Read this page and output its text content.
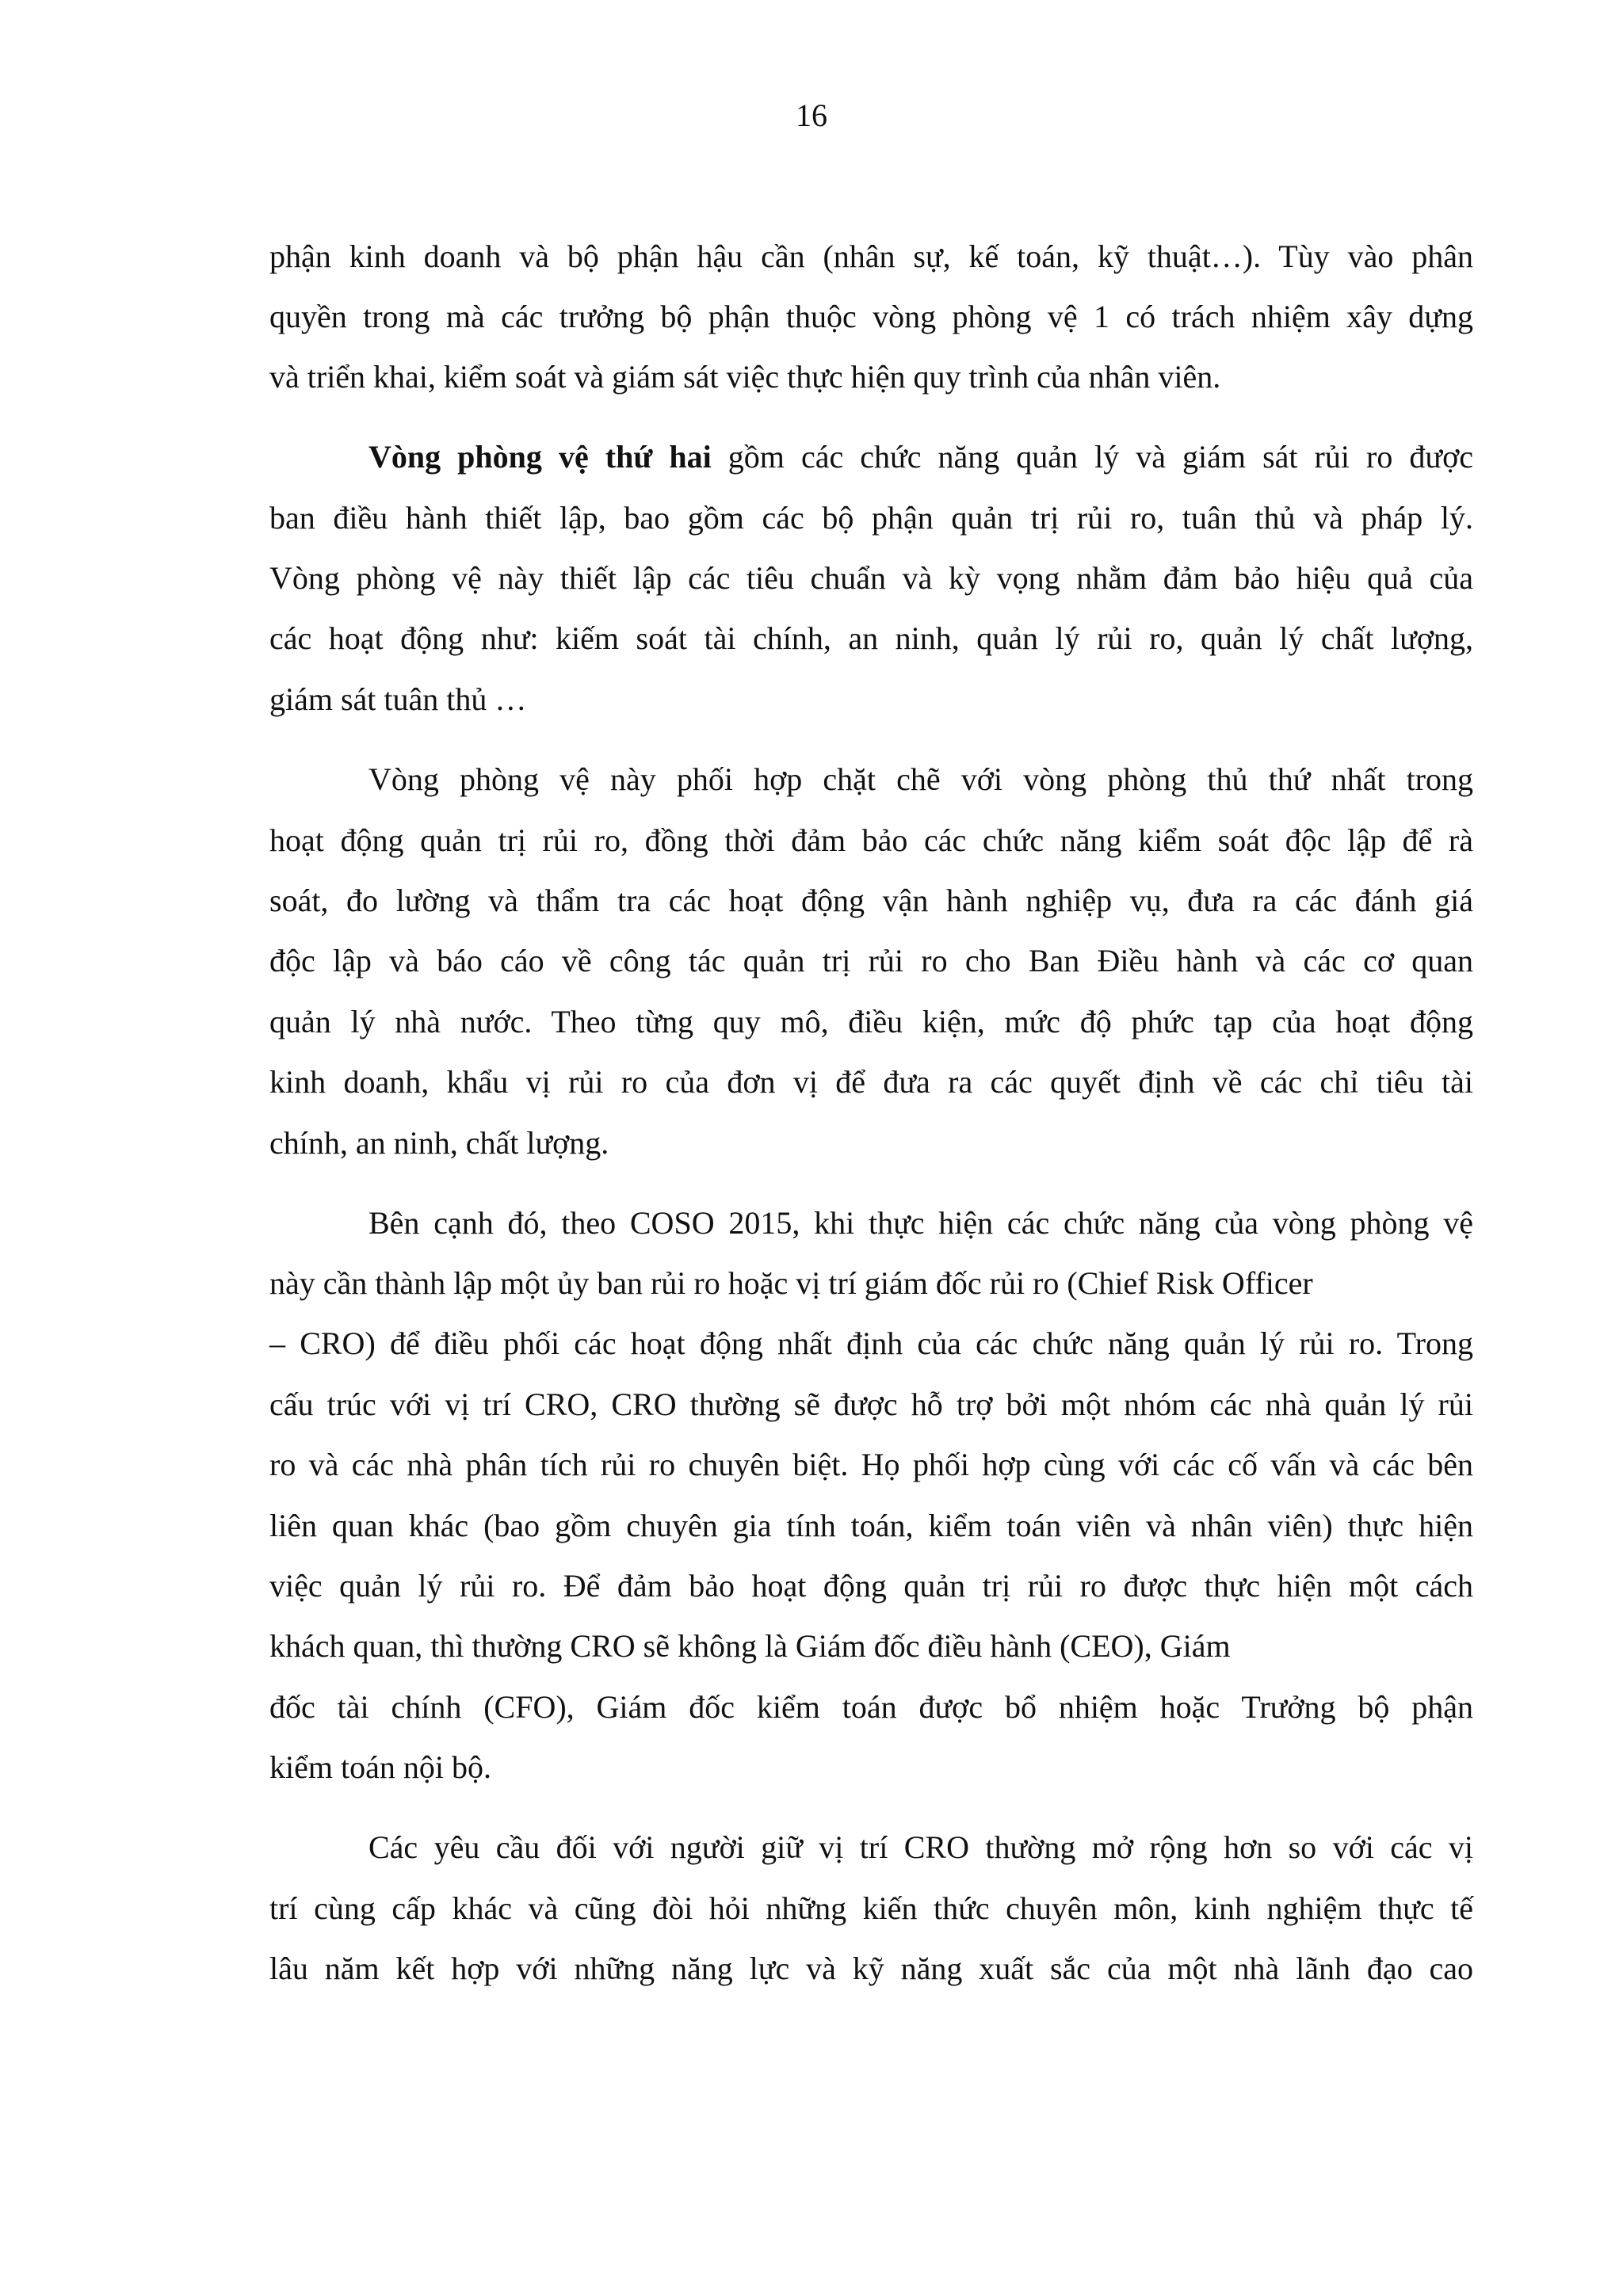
16
phận kinh doanh và bộ phận hậu cần (nhân sự, kế toán, kỹ thuật…). Tùy vào phân
quyền trong mà các trưởng bộ phận thuộc vòng phòng vệ 1 có trách nhiệm xây dựng
và triển khai, kiểm soát và giám sát việc thực hiện quy trình của nhân viên.
Vòng phòng vệ thứ hai gồm các chức năng quản lý và giám sát rủi ro được
ban điều hành thiết lập, bao gồm các bộ phận quản trị rủi ro, tuân thủ và pháp lý.
Vòng phòng vệ này thiết lập các tiêu chuẩn và kỳ vọng nhằm đảm bảo hiệu quả của
các hoạt động như: kiếm soát tài chính, an ninh, quản lý rủi ro, quản lý chất lượng,
giám sát tuân thủ …
Vòng phòng vệ này phối hợp chặt chẽ với vòng phòng thủ thứ nhất trong
hoạt động quản trị rủi ro, đồng thời đảm bảo các chức năng kiểm soát độc lập để rà
soát, đo lường và thẩm tra các hoạt động vận hành nghiệp vụ, đưa ra các đánh giá
độc lập và báo cáo về công tác quản trị rủi ro cho Ban Điều hành và các cơ quan
quản lý nhà nước. Theo từng quy mô, điều kiện, mức độ phức tạp của hoạt động
kinh doanh, khẩu vị rủi ro của đơn vị để đưa ra các quyết định về các chỉ tiêu tài
chính, an ninh, chất lượng.
Bên cạnh đó, theo COSO 2015, khi thực hiện các chức năng của vòng phòng vệ
này cần thành lập một ủy ban rủi ro hoặc vị trí giám đốc rủi ro (Chief Risk Officer
– CRO) để điều phối các hoạt động nhất định của các chức năng quản lý rủi ro. Trong
cấu trúc với vị trí CRO, CRO thường sẽ được hỗ trợ bởi một nhóm các nhà quản lý rủi
ro và các nhà phân tích rủi ro chuyên biệt. Họ phối hợp cùng với các cố vấn và các bên
liên quan khác (bao gồm chuyên gia tính toán, kiểm toán viên và nhân viên) thực hiện
việc quản lý rủi ro. Để đảm bảo hoạt động quản trị rủi ro được thực hiện một cách
khách quan, thì thường CRO sẽ không là Giám đốc điều hành (CEO), Giám
đốc tài chính (CFO), Giám đốc kiểm toán được bổ nhiệm hoặc Trưởng bộ phận
kiểm toán nội bộ.
Các yêu cầu đối với người giữ vị trí CRO thường mở rộng hơn so với các vị
trí cùng cấp khác và cũng đòi hỏi những kiến thức chuyên môn, kinh nghiệm thực tế
lâu năm kết hợp với những năng lực và kỹ năng xuất sắc của một nhà lãnh đạo cao
